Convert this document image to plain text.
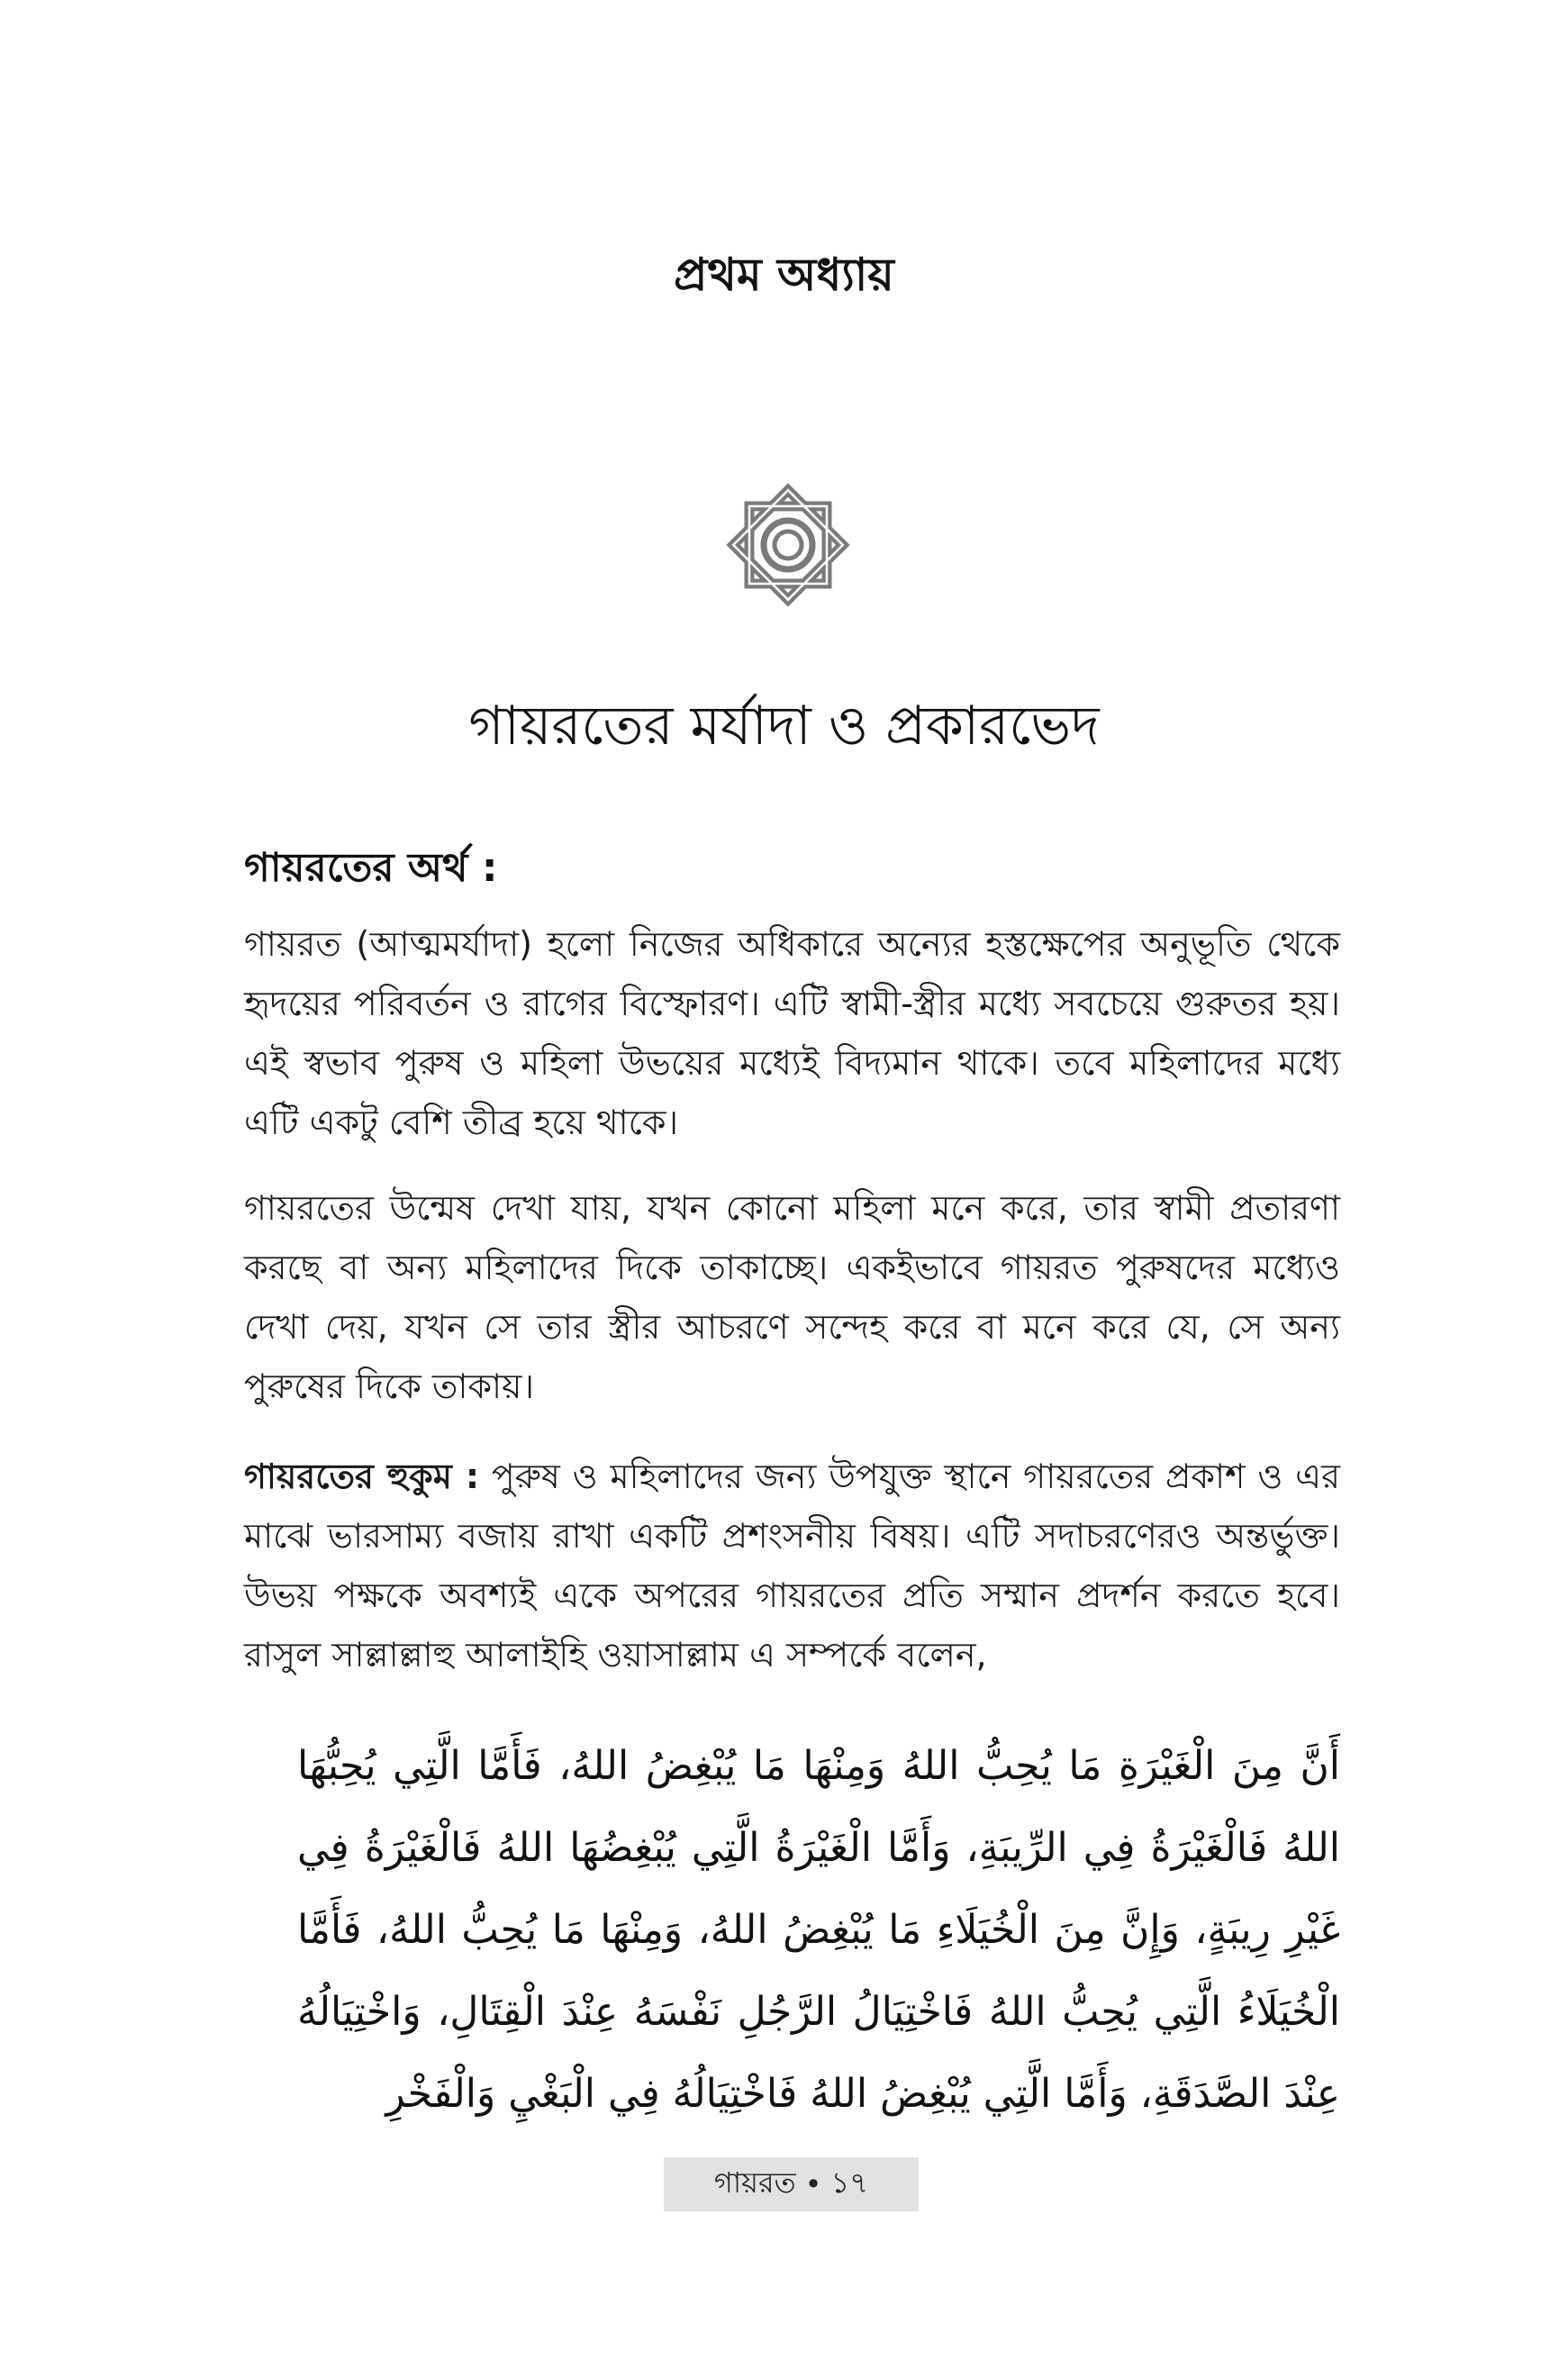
প্রথম অধ্যায়
গায়রতের মর্যাদা ও প্রকারভেদ
গায়রতের অর্থ :

গায়রত (আত্মমর্যাদা) হলো নিজের অধিকারে অন্যের হস্তক্ষেপের অনুভূতি থেকে হৃদয়ের পরিবর্তন ও রাগের বিস্ফোরণ। এটি স্বামী-স্ত্রীর মধ্যে সবচেয়ে গুরুতর হয়। এই স্বভাব পুরুষ ও মহিলা উভয়ের মধ্যেই বিদ্যমান থাকে। তবে মহিলাদের মধ্যে এটি একটু বেশি তীব্র হয়ে থাকে।

গায়রতের উন্মেষ দেখা যায়, যখন কোনো মহিলা মনে করে, তার স্বামী প্রতারণা করছে বা অন্য মহিলাদের দিকে তাকাচ্ছে। একইভাবে গায়রত পুরুষদের মধ্যেও দেখা দেয়, যখন সে তার স্ত্রীর আচরণে সন্দেহ করে বা মনে করে যে, সে অন্য পুরুষের দিকে তাকায়।

গায়রতের হুকুম : পুরুষ ও মহিলাদের জন্য উপযুক্ত স্থানে গায়রতের প্রকাশ ও এর মাঝে ভারসাম্য বজায় রাখা একটি প্রশংসনীয় বিষয়। এটি সদাচরণেরও অন্তর্ভুক্ত। উভয় পক্ষকে অবশ্যই একে অপরের গায়রতের প্রতি সম্মান প্রদর্শন করতে হবে। রাসুল সাল্লাল্লাহু আলাইহি ওয়াসাল্লাম এ সম্পর্কে বলেন,

أَنَّ مِنَ الْغَيْرَةِ مَا يُحِبُّ اللهُ وَمِنْهَا مَا يُبْغِضُ اللهُ، فَأَمَّا الَّتِي يُحِبُّهَا اللهُ فَالْغَيْرَةُ فِي الرِّيبَةِ، وَأَمَّا الْغَيْرَةُ الَّتِي يُبْغِضُهَا اللهُ فَالْغَيْرَةُ فِي غَيْرِ رِيبَةٍ، وَإِنَّ مِنَ الْخُيَلَاءِ مَا يُبْغِضُ اللهُ، وَمِنْهَا مَا يُحِبُّ اللهُ، فَأَمَّا الْخُيَلَاءُ الَّتِي يُحِبُّ اللهُ فَاخْتِيَالُ الرَّجُلِ نَفْسَهُ عِنْدَ الْقِتَالِ، وَاخْتِيَالُهُ عِنْدَ الصَّدَقَةِ، وَأَمَّا الَّتِي يُبْغِضُ اللهُ فَاخْتِيَالُهُ فِي الْبَغْيِ وَالْفَخْرِ

গায়রত • ১৭
